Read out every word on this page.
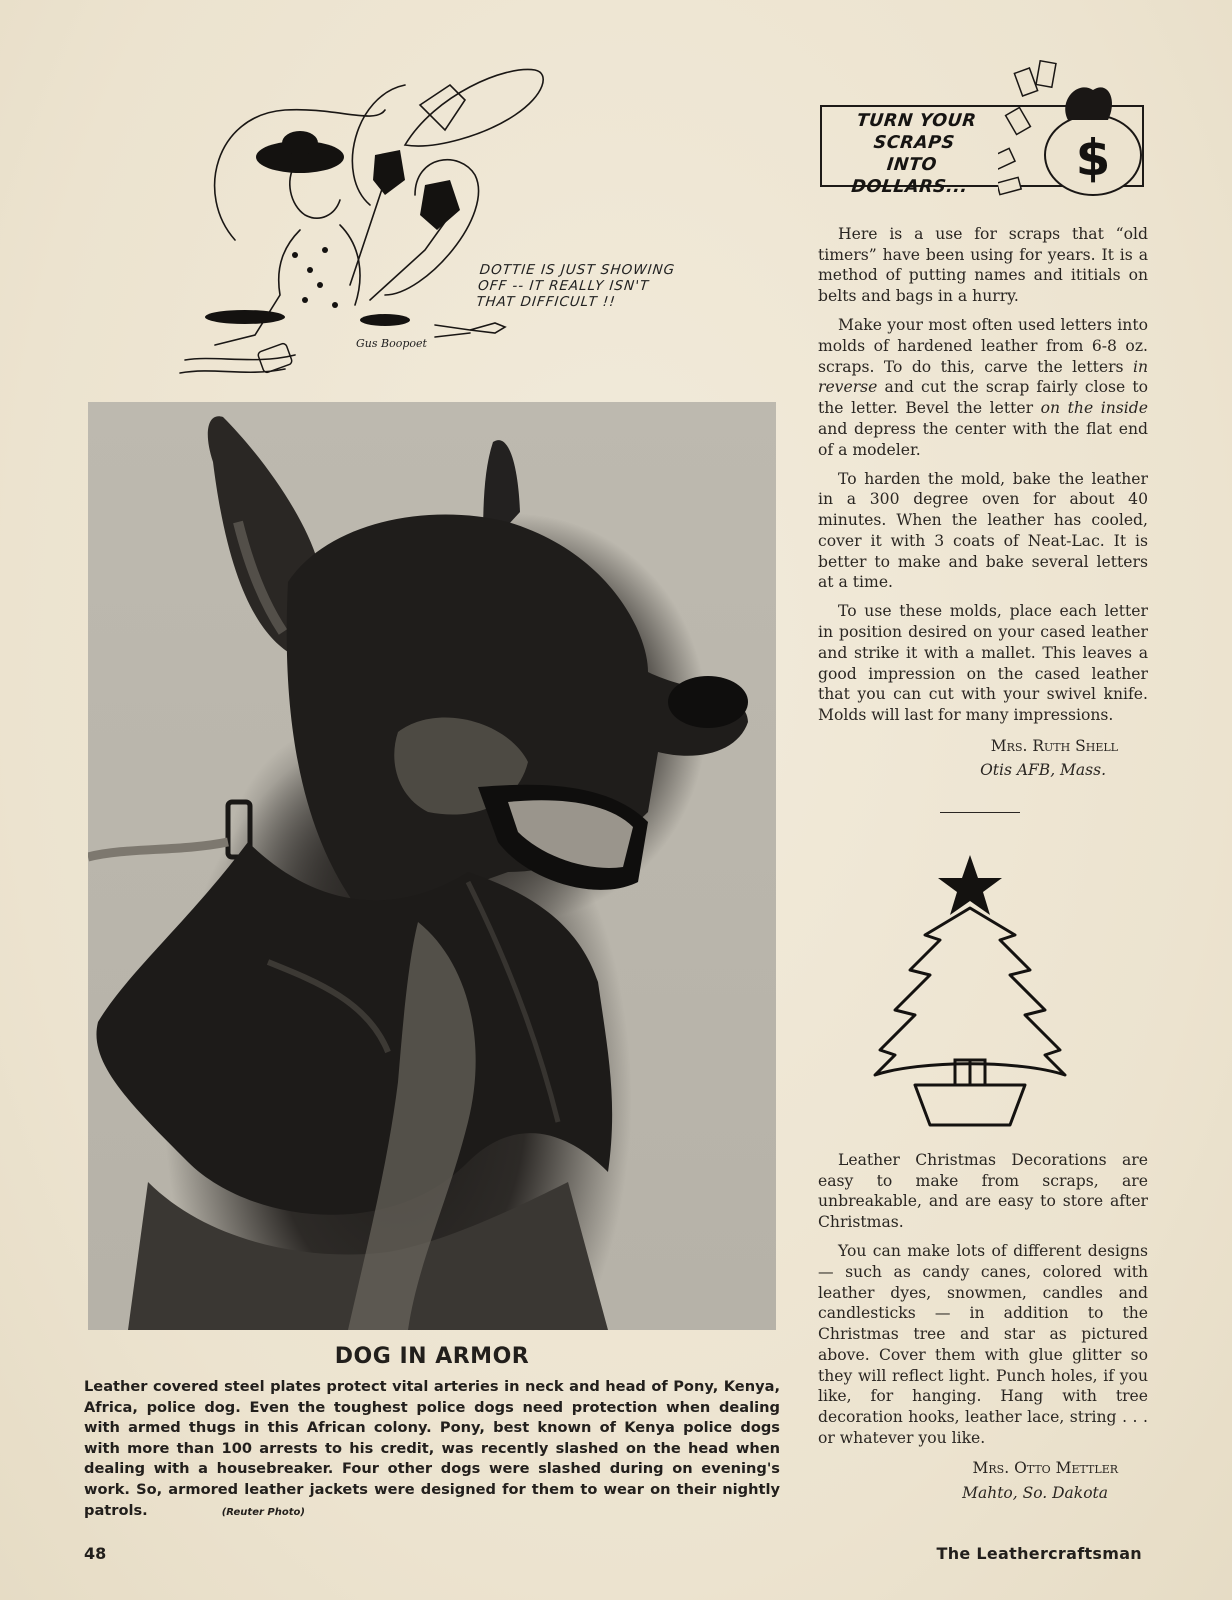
DOTTIE IS JUST SHOWING
OFF -- IT REALLY ISN'T
THAT DIFFICULT !!
Gus Boopoet
DOG IN ARMOR
Leather covered steel plates protect vital arteries in neck and head of Pony, Kenya, Africa, police dog. Even the toughest police dogs need protection when dealing with armed thugs in this African colony. Pony, best known of Kenya police dogs with more than 100 arrests to his credit, was recently slashed on the head when dealing with a housebreaker. Four other dogs were slashed during on evening's work. So, armored leather jackets were designed for them to wear on their nightly patrols.	(Reuter Photo)
TURN YOUR
SCRAPS
INTO DOLLARS...	$

Here is a use for scraps that “old timers” have been using for years. It is a method of putting names and ititials on belts and bags in a hurry.

Make your most often used letters into molds of hardened leather from 6-8 oz. scraps. To do this, carve the letters in reverse and cut the scrap fairly close to the letter. Bevel the letter on the inside and depress the center with the flat end of a modeler.

To harden the mold, bake the leather in a 300 degree oven for about 40 minutes. When the leather has cooled, cover it with 3 coats of Neat-Lac. It is better to make and bake several letters at a time.

To use these molds, place each letter in position desired on your cased leather and strike it with a mallet. This leaves a good impression on the cased leather that you can cut with your swivel knife. Molds will last for many impressions.

Mrs. Ruth Shell
Otis AFB, Mass.

Leather Christmas Decorations are easy to make from scraps, are unbreakable, and are easy to store after Christmas.

You can make lots of different designs — such as candy canes, colored with leather dyes, snowmen, candles and candlesticks — in addition to the Christmas tree and star as pictured above. Cover them with glue glitter so they will reflect light. Punch holes, if you like, for hanging. Hang with tree decoration hooks, leather lace, string . . . or whatever you like.

Mrs. Otto Mettler
Mahto, So. Dakota
48	The Leathercraftsman
